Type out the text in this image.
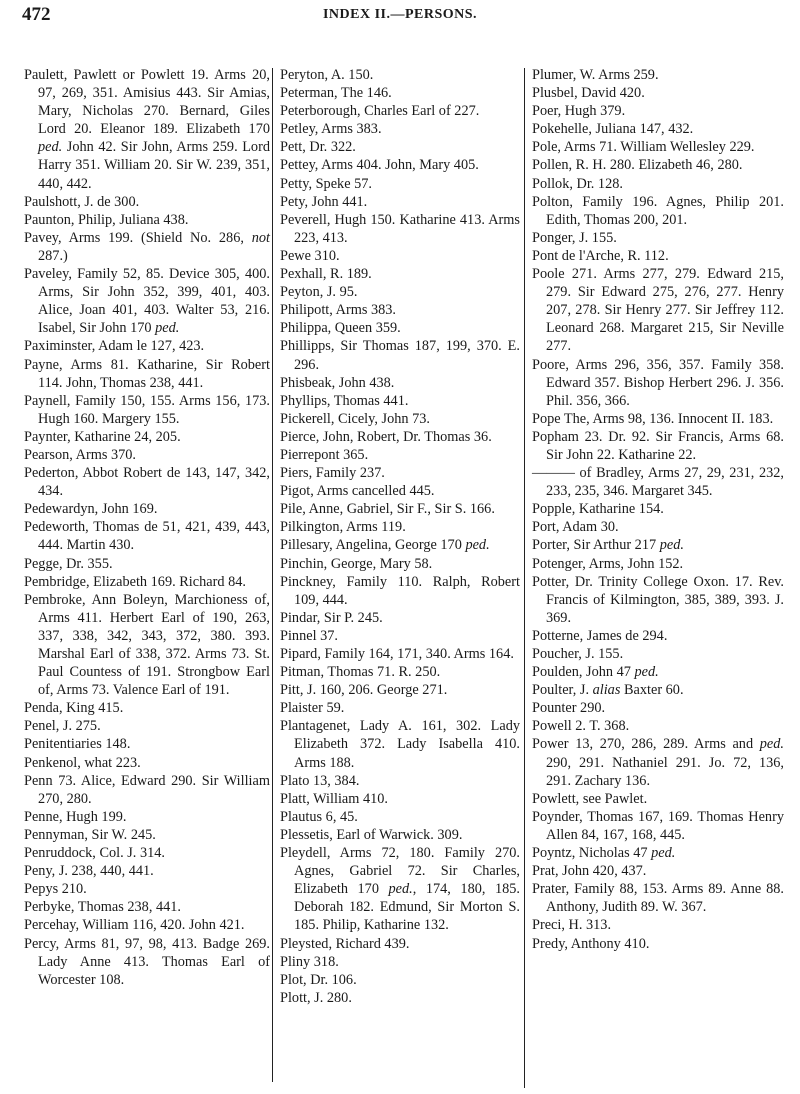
472	INDEX II.—PERSONS.

Paulett, Pawlett or Powlett 19. Arms 20, 97, 269, 351. Amisius 443. Sir Amias, Mary, Nicholas 270. Bernard, Giles Lord 20. Eleanor 189. Elizabeth 170 ped. John 42. Sir John, Arms 259. Lord Harry 351. William 20. Sir W. 239, 351, 440, 442.

Paulshott, J. de 300.

Paunton, Philip, Juliana 438.

Pavey, Arms 199. (Shield No. 286, not 287.)

Paveley, Family 52, 85. Device 305, 400. Arms, Sir John 352, 399, 401, 403. Alice, Joan 401, 403. Walter 53, 216. Isabel, Sir John 170 ped.

Paximinster, Adam le 127, 423.

Payne, Arms 81. Katharine, Sir Robert 114. John, Thomas 238, 441.

Paynell, Family 150, 155. Arms 156, 173. Hugh 160. Margery 155.

Paynter, Katharine 24, 205.

Pearson, Arms 370.

Pederton, Abbot Robert de 143, 147, 342, 434.

Pedewardyn, John 169.

Pedeworth, Thomas de 51, 421, 439, 443, 444. Martin 430.

Pegge, Dr. 355.

Pembridge, Elizabeth 169. Richard 84.

Pembroke, Ann Boleyn, Marchioness of, Arms 411. Herbert Earl of 190, 263, 337, 338, 342, 343, 372, 380. 393. Marshal Earl of 338, 372. Arms 73. St. Paul Countess of 191. Strongbow Earl of, Arms 73. Valence Earl of 191.

Penda, King 415.

Penel, J. 275.

Penitentiaries 148.

Penkenol, what 223.

Penn 73. Alice, Edward 290. Sir William 270, 280.

Penne, Hugh 199.

Pennyman, Sir W. 245.

Penruddock, Col. J. 314.

Peny, J. 238, 440, 441.

Pepys 210.

Perbyke, Thomas 238, 441.

Percehay, William 116, 420. John 421.

Percy, Arms 81, 97, 98, 413. Badge 269. Lady Anne 413. Thomas Earl of Worcester 108.

Peryton, A. 150.

Peterman, The 146.

Peterborough, Charles Earl of 227.

Petley, Arms 383.

Pett, Dr. 322.

Pettey, Arms 404. John, Mary 405.

Petty, Speke 57.

Pety, John 441.

Peverell, Hugh 150. Katharine 413. Arms 223, 413.

Pewe 310.

Pexhall, R. 189.

Peyton, J. 95.

Philipott, Arms 383.

Philippa, Queen 359.

Phillipps, Sir Thomas 187, 199, 370. E. 296.

Phisbeak, John 438.

Phyllips, Thomas 441.

Pickerell, Cicely, John 73.

Pierce, John, Robert, Dr. Thomas 36.

Pierrepont 365.

Piers, Family 237.

Pigot, Arms cancelled 445.

Pile, Anne, Gabriel, Sir F., Sir S. 166.

Pilkington, Arms 119.

Pillesary, Angelina, George 170 ped.

Pinchin, George, Mary 58.

Pinckney, Family 110. Ralph, Robert 109, 444.

Pindar, Sir P. 245.

Pinnel 37.

Pipard, Family 164, 171, 340. Arms 164.

Pitman, Thomas 71. R. 250.

Pitt, J. 160, 206. George 271.

Plaister 59.

Plantagenet, Lady A. 161, 302. Lady Elizabeth 372. Lady Isabella 410. Arms 188.

Plato 13, 384.

Platt, William 410.

Plautus 6, 45.

Plessetis, Earl of Warwick. 309.

Pleydell, Arms 72, 180. Family 270. Agnes, Gabriel 72. Sir Charles, Elizabeth 170 ped., 174, 180, 185. Deborah 182. Edmund, Sir Morton S. 185. Philip, Katharine 132.

Pleysted, Richard 439.

Pliny 318.

Plot, Dr. 106.

Plott, J. 280.

Plumer, W. Arms 259.

Plusbel, David 420.

Poer, Hugh 379.

Pokehelle, Juliana 147, 432.

Pole, Arms 71. William Wellesley 229.

Pollen, R. H. 280. Elizabeth 46, 280.

Pollok, Dr. 128.

Polton, Family 196. Agnes, Philip 201. Edith, Thomas 200, 201.

Ponger, J. 155.

Pont de l'Arche, R. 112.

Poole 271. Arms 277, 279. Edward 215, 279. Sir Edward 275, 276, 277. Henry 207, 278. Sir Henry 277. Sir Jeffrey 112. Leonard 268. Margaret 215, Sir Neville 277.

Poore, Arms 296, 356, 357. Family 358. Edward 357. Bishop Herbert 296. J. 356. Phil. 356, 366.

Pope The, Arms 98, 136. Innocent II. 183.

Popham 23. Dr. 92. Sir Francis, Arms 68. Sir John 22. Katharine 22.

——— of Bradley, Arms 27, 29, 231, 232, 233, 235, 346. Margaret 345.

Popple, Katharine 154.

Port, Adam 30.

Porter, Sir Arthur 217 ped.

Potenger, Arms, John 152.

Potter, Dr. Trinity College Oxon. 17. Rev. Francis of Kilmington, 385, 389, 393. J. 369.

Potterne, James de 294.

Poucher, J. 155.

Poulden, John 47 ped.

Poulter, J. alias Baxter 60.

Pounter 290.

Powell 2. T. 368.

Power 13, 270, 286, 289. Arms and ped. 290, 291. Nathaniel 291. Jo. 72, 136, 291. Zachary 136.

Powlett, see Pawlet.

Poynder, Thomas 167, 169. Thomas Henry Allen 84, 167, 168, 445.

Poyntz, Nicholas 47 ped.

Prat, John 420, 437.

Prater, Family 88, 153. Arms 89. Anne 88. Anthony, Judith 89. W. 367.

Preci, H. 313.

Predy, Anthony 410.
